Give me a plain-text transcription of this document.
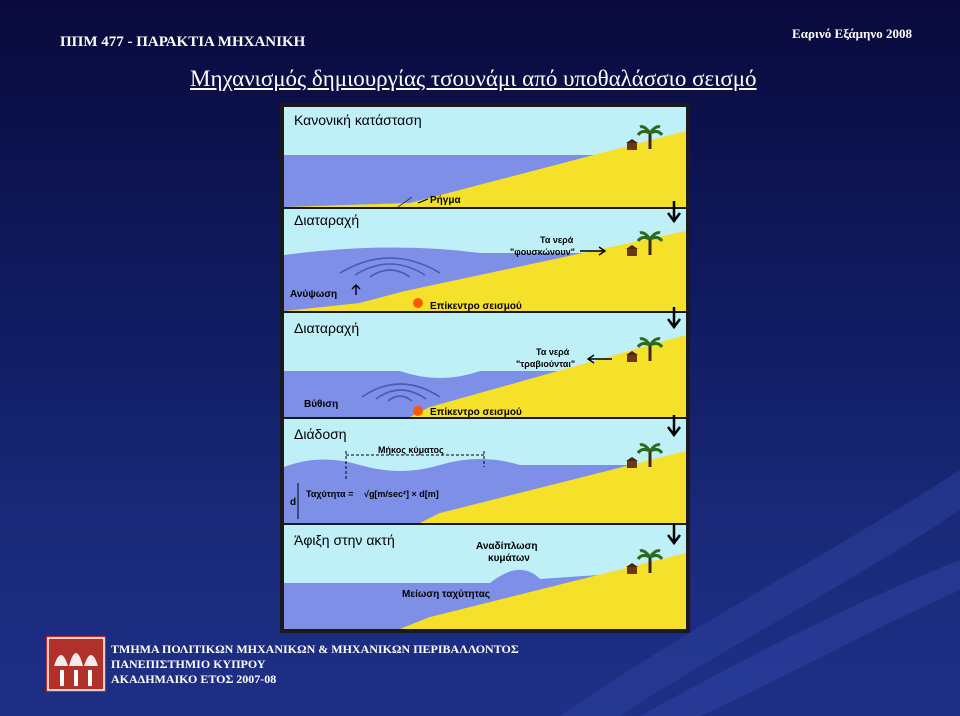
ΠΠΜ 477 - ΠΑΡΑΚΤΙΑ ΜΗΧΑΝΙΚΗ
Εαρινό Εξάμηνο 2008
Μηχανισμός δημιουργίας τσουνάμι από υποθαλάσσιο σεισμό
Κανονική κατάσταση
Ρήγμα
Διαταραχή
Τα νερά
"φουσκώνουν"
Ανύψωση
Επίκεντρο σεισμού
Διαταραχή
Τα νερά
"τραβιούνται"
Βύθιση
Επίκεντρο σεισμού
Διάδοση
Μήκος κύματος
Ταχύτητα = √g[m/sec²] × d[m]
d
Άφιξη στην ακτή	Αναδίπλωση
κυμάτων
Μείωση ταχύτητας
ΤΜΗΜΑ ΠΟΛΙΤΙΚΩΝ ΜΗΧΑΝΙΚΩΝ & ΜΗΧΑΝΙΚΩΝ ΠΕΡΙΒΑΛΛΟΝΤΟΣ
ΠΑΝΕΠΙΣΤΗΜΙΟ ΚΥΠΡΟΥ
ΑΚΑΔΗΜΑΙΚΟ ΕΤΟΣ 2007-08
